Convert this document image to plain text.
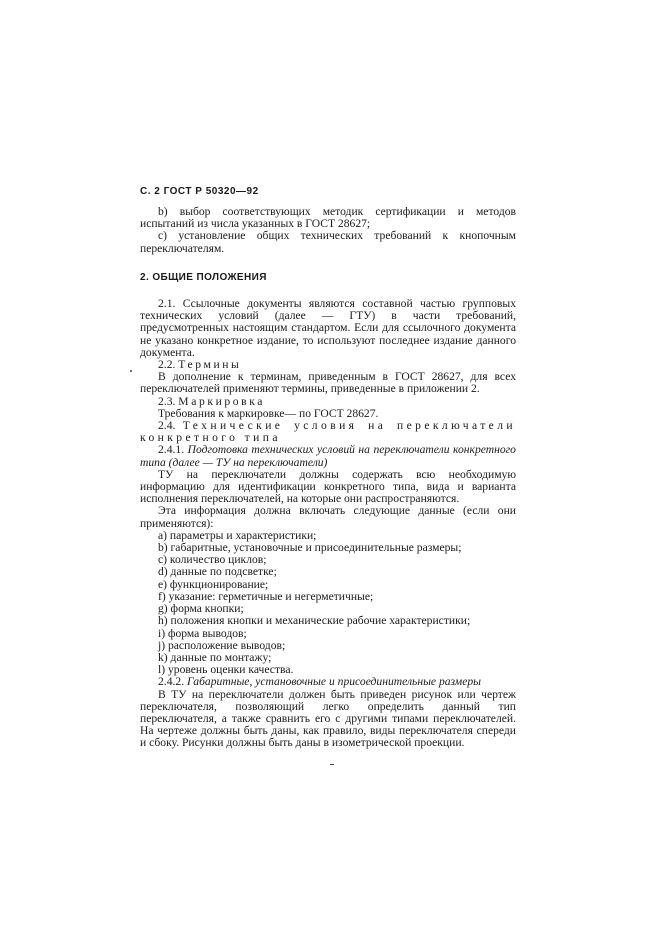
С. 2 ГОСТ Р 50320—92

b) выбор соответствующих методик сертификации и методов испытаний из числа указанных в ГОСТ 28627;

c) установление общих технических требований к кнопочным переключателям.

2. ОБЩИЕ ПОЛОЖЕНИЯ

2.1. Ссылочные документы являются составной частью групповых технических условий (далее — ГТУ) в части требований, предусмотренных настоящим стандартом. Если для ссылочного документа не указано конкретное издание, то используют последнее издание данного документа.

2.2. Термины

В дополнение к терминам, приведенным в ГОСТ 28627, для всех переключателей применяют термины, приведенные в приложении 2.

2.3. Маркировка

Требования к маркировке— по ГОСТ 28627.

2.4. Технические условия на переключатели конкретного типа

2.4.1. Подготовка технических условий на переключатели конкретного типа (далее — ТУ на переключатели)

ТУ на переключатели должны содержать всю необходимую информацию для идентификации конкретного типа, вида и варианта исполнения переключателей, на которые они распространяются.

Эта информация должна включать следующие данные (если они применяются):

a) параметры и характеристики;
b) габаритные, установочные и присоединительные размеры;
c) количество циклов;
d) данные по подсветке;
e) функционирование;
f) указание: герметичные и негерметичные;
g) форма кнопки;
h) положения кнопки и механические рабочие характеристики;
i) форма выводов;
j) расположение выводов;
k) данные по монтажу;
l) уровень оценки качества.

2.4.2. Габаритные, установочные и присоединительные размеры

В ТУ на переключатели должен быть приведен рисунок или чертеж переключателя, позволяющий легко определить данный тип переключателя, а также сравнить его с другими типами переключателей. На чертеже должны быть даны, как правило, виды переключателя спереди и сбоку. Рисунки должны быть даны в изометрической проекции.
